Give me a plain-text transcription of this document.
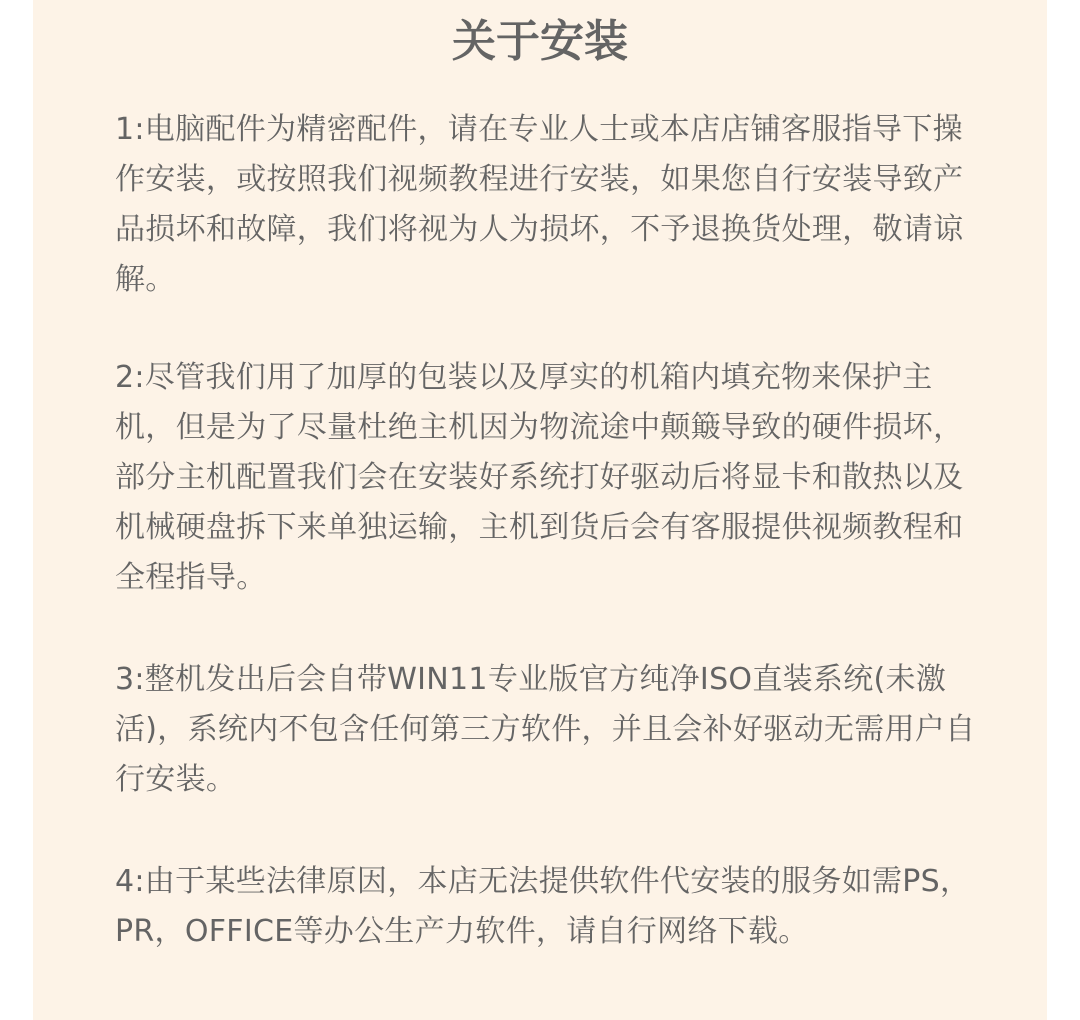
关于安装

1:电脑配件为精密配件，请在专业人士或本店店铺客服指导下操作安装，或按照我们视频教程进行安装，如果您自行安装导致产品损坏和故障，我们将视为人为损坏，不予退换货处理，敬请谅解。

2:尽管我们用了加厚的包装以及厚实的机箱内填充物来保护主机，但是为了尽量杜绝主机因为物流途中颠簸导致的硬件损坏，部分主机配置我们会在安装好系统打好驱动后将显卡和散热以及机械硬盘拆下来单独运输，主机到货后会有客服提供视频教程和全程指导。

3:整机发出后会自带WIN11专业版官方纯净ISO直装系统(未激活)，系统内不包含任何第三方软件，并且会补好驱动无需用户自行安装。

4:由于某些法律原因，本店无法提供软件代安装的服务如需PS，PR，OFFICE等办公生产力软件，请自行网络下载。
